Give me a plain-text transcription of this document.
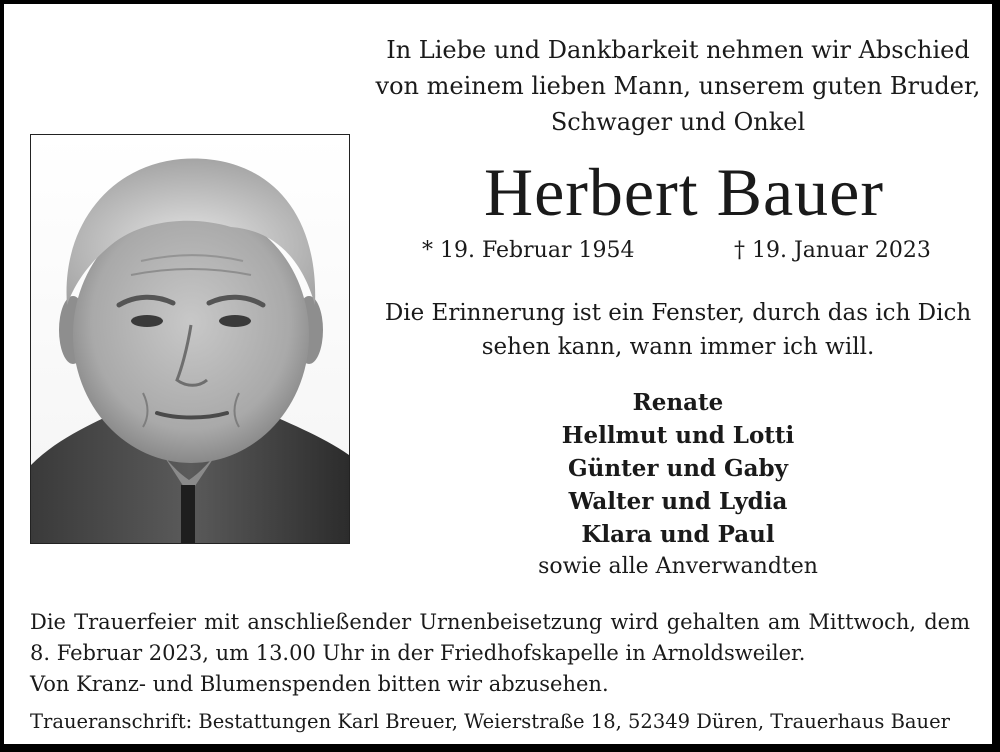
In Liebe und Dankbarkeit nehmen wir Abschied
von meinem lieben Mann, unserem guten Bruder,
Schwager und Onkel
Herbert Bauer
* 19. Februar 1954	† 19. Januar 2023
Die Erinnerung ist ein Fenster, durch das ich Dich
sehen kann, wann immer ich will.
Renate
Hellmut und Lotti
Günter und Gaby
Walter und Lydia
Klara und Paul
sowie alle Anverwandten
Die Trauerfeier mit anschließender Urnenbeisetzung wird gehalten am Mittwoch, dem
8. Februar 2023, um 13.00 Uhr in der Friedhofskapelle in Arnoldsweiler.
Von Kranz- und Blumenspenden bitten wir abzusehen.
Traueranschrift: Bestattungen Karl Breuer, Weierstraße 18, 52349 Düren, Trauerhaus Bauer
